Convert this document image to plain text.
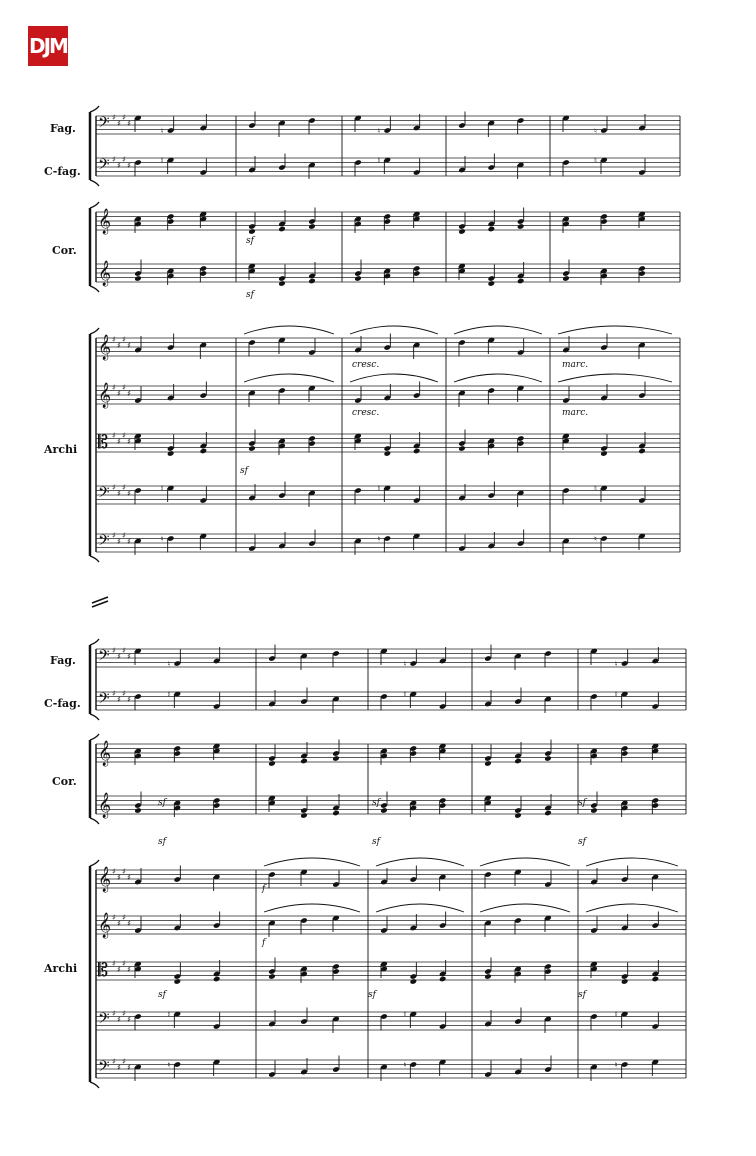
DJM
Fag.
C-fag.
Cor.
Archi
Fag.
C-fag.
Cor.
Archi
cresc.
cresc.
marc.
marc.
sf
sf
sf
sf
sf
sf
sf
sf
sf
f
f
sf	sf	sf
𝄢 ♯
♯
♯
♯
𝄢 ♯
♯
♯
♯
𝄞
𝄞
𝄞 ♯
♯
♯
♯
𝄞 ♯
♯
♯
♯
𝄡 ♯
♯
♯
♯
𝄢 ♯
♯
♯
♯
𝄢 ♯
♯
♯
♯
♮	♮	♮
♮	♮	♮
♮	♮	♮
♮	♮	♮
𝄢 ♯
♯
♯
♯
𝄢 ♯
♯
♯
♯
𝄞
𝄞
𝄞 ♯
♯
♯
♯
𝄞 ♯
♯
♯
♯
𝄡 ♯
♯
♯
♯
𝄢 ♯
♯
♯
♯
𝄢 ♯
♯
♯
♯
♮	♮	♮
♮	♮	♮
♮	♮	♮
♮	♮	♮
